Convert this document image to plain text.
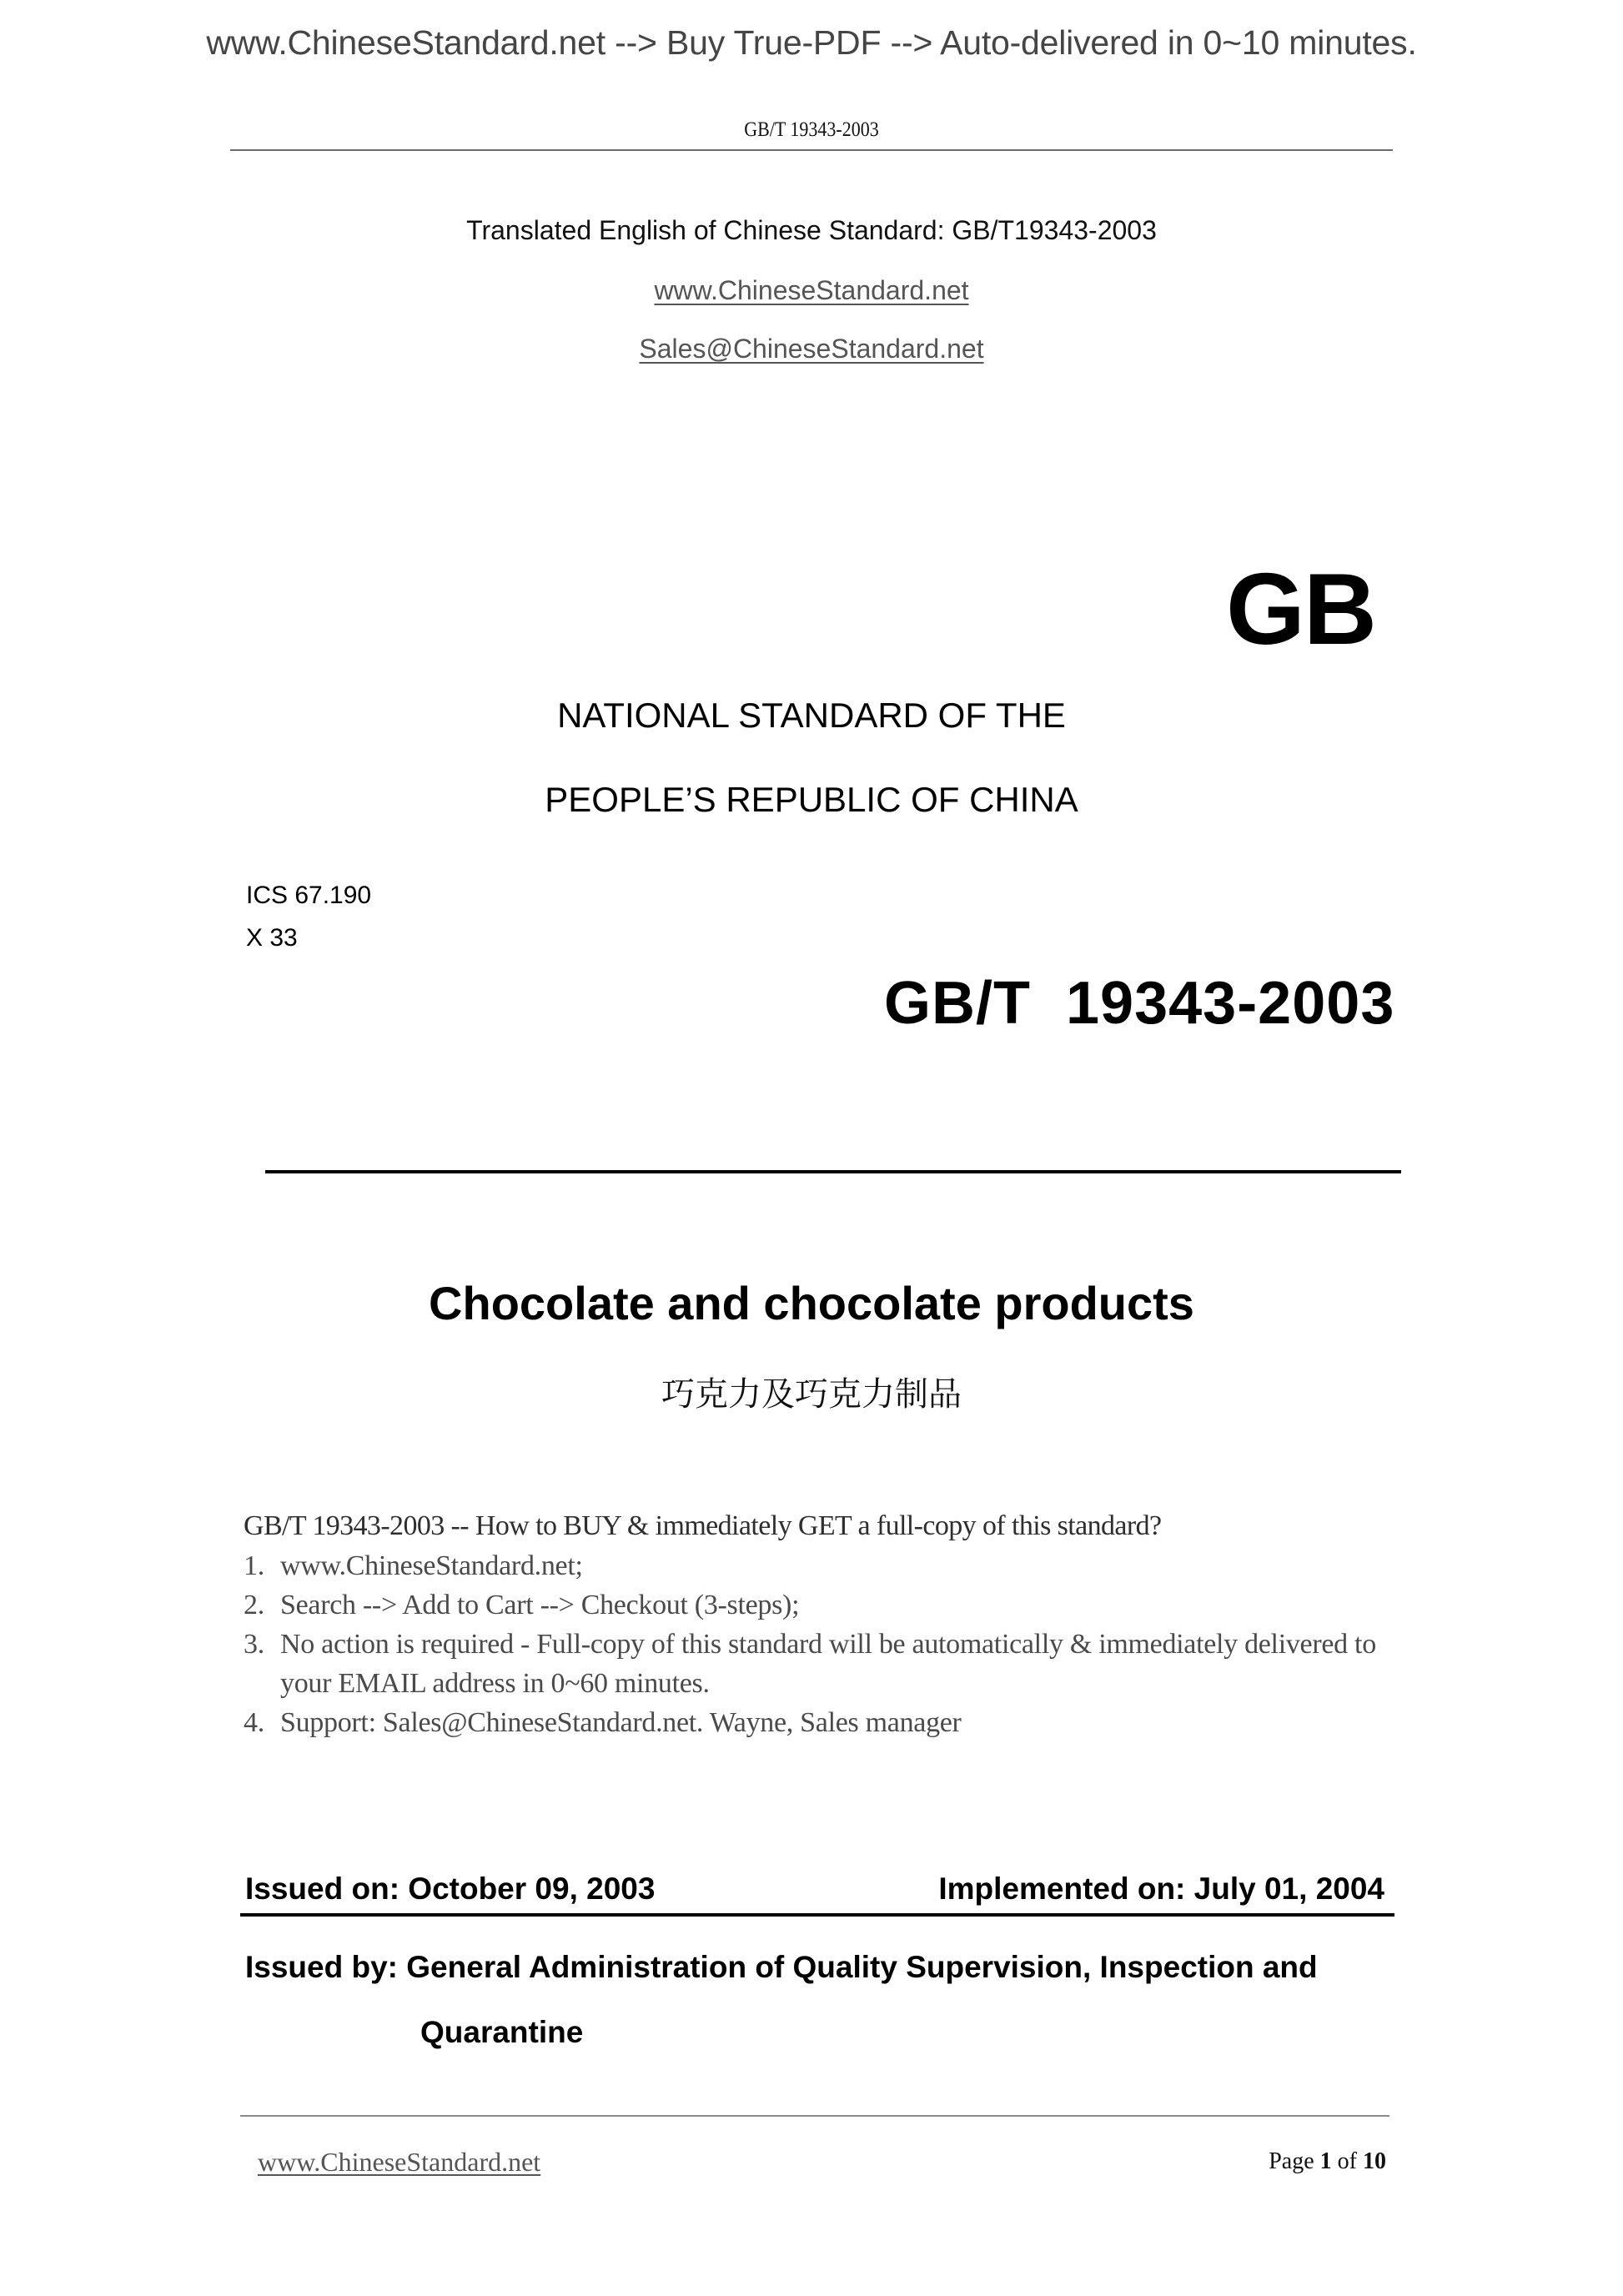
www.ChineseStandard.net --> Buy True-PDF --> Auto-delivered in 0~10 minutes.
GB/T 19343-2003
Translated English of Chinese Standard: GB/T19343-2003
www.ChineseStandard.net
Sales@ChineseStandard.net
GB
NATIONAL STANDARD OF THE
PEOPLE’S REPUBLIC OF CHINA
ICS 67.190
X 33
GB/T  19343-2003
Chocolate and chocolate products
巧克力及巧克力制品
GB/T 19343-2003 -- How to BUY & immediately GET a full-copy of this standard?
1. www.ChineseStandard.net;
2. Search --> Add to Cart --> Checkout (3-steps);
3. No action is required - Full-copy of this standard will be automatically & immediately delivered to your EMAIL address in 0~60 minutes.
4. Support: Sales@ChineseStandard.net. Wayne, Sales manager
Issued on: October 09, 2003	Implemented on: July 01, 2004
Issued by: General Administration of Quality Supervision, Inspection and
Quarantine
www.ChineseStandard.net	Page 1 of 10
